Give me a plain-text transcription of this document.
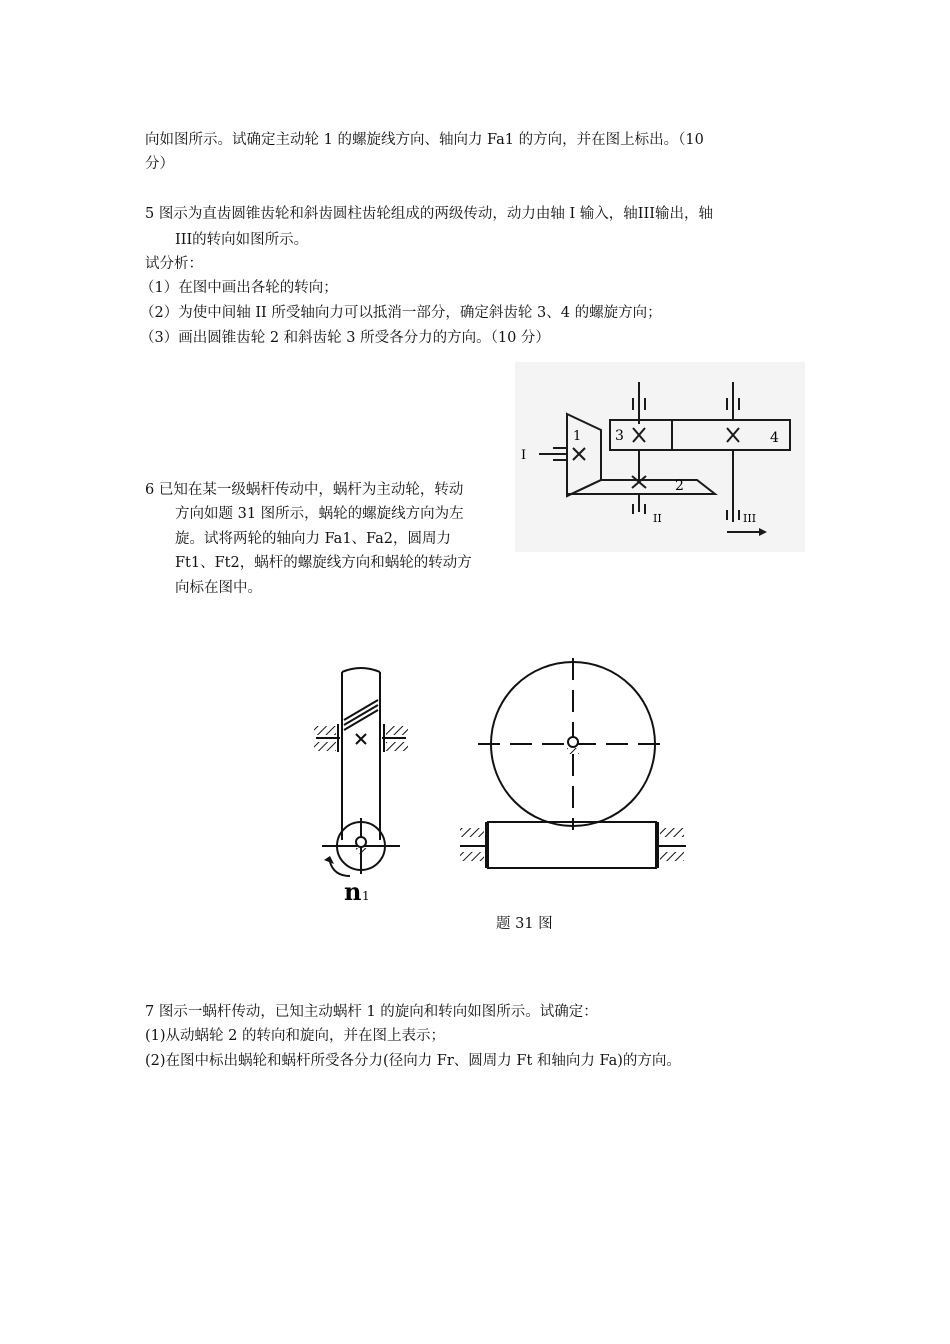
向如图所示。试确定主动轮 1 的螺旋线方向、轴向力 Fa1 的方向，并在图上标出。（10

分）

5 图示为直齿圆锥齿轮和斜齿圆柱齿轮组成的两级传动，动力由轴 I 输入，轴III输出，轴

III的转向如图所示。

试分析：

（1）在图中画出各轮的转向；

（2）为使中间轴 II 所受轴向力可以抵消一部分，确定斜齿轮 3、4 的螺旋方向；

（3）画出圆锥齿轮 2 和斜齿轮 3 所受各分力的方向。（10 分）

1 3	4
2
I
II	III

6 已知在某一级蜗杆传动中，蜗杆为主动轮，转动

方向如题 31 图所示，蜗轮的螺旋线方向为左

旋。试将两轮的轴向力 Fa1、Fa2，圆周力

Ft1、Ft2，蜗杆的螺旋线方向和蜗轮的转动方

向标在图中。

n 1

题 31 图

7 图示一蜗杆传动，已知主动蜗杆 1 的旋向和转向如图所示。试确定：

(1)从动蜗轮 2 的转向和旋向，并在图上表示；

(2)在图中标出蜗轮和蜗杆所受各分力(径向力 Fr、圆周力 Ft 和轴向力 Fa)的方向。
